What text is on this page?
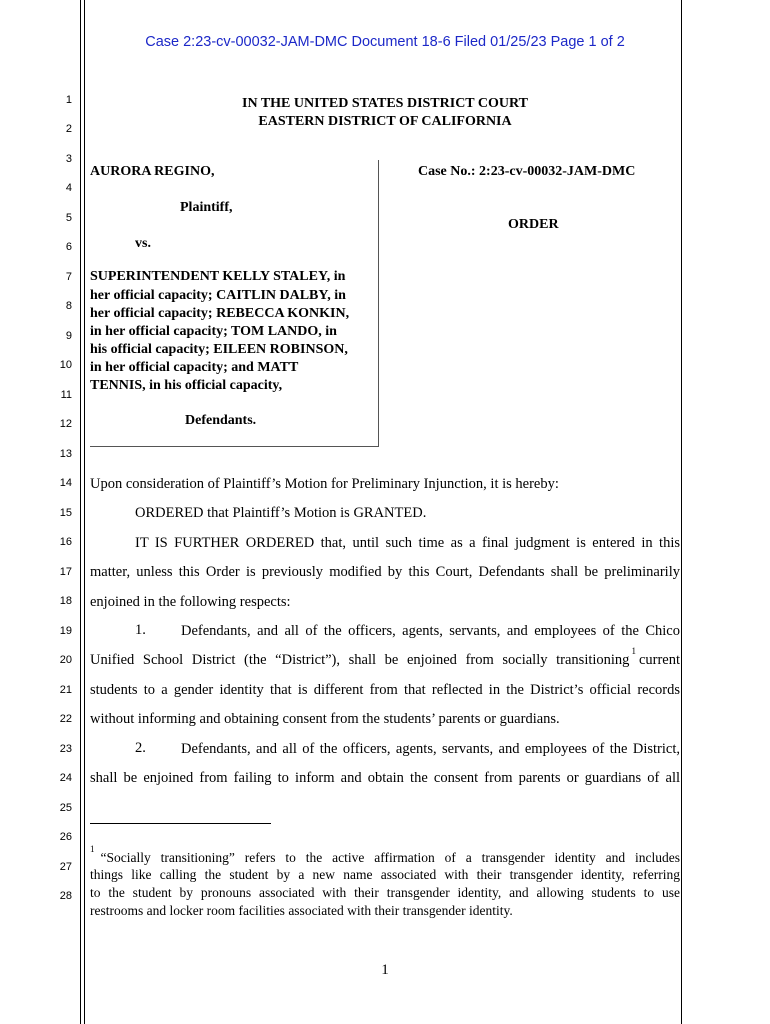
Case 2:23-cv-00032-JAM-DMC Document 18-6 Filed 01/25/23 Page 1 of 2
1
2
3
4
5
6
7
8
9
10
11
12
13
14
15
16
17
18
19
20
21
22
23
24
25
26
27
28
IN THE UNITED STATES DISTRICT COURT
EASTERN DISTRICT OF CALIFORNIA
AURORA REGINO,
Plaintiff,
vs.
SUPERINTENDENT KELLY STALEY, in
her official capacity; CAITLIN DALBY, in
her official capacity; REBECCA KONKIN,
in her official capacity; TOM LANDO, in
his official capacity; EILEEN ROBINSON,
in her official capacity; and MATT
TENNIS, in his official capacity,
Defendants.
Case No.: 2:23-cv-00032-JAM-DMC
ORDER
Upon consideration of Plaintiff’s Motion for Preliminary Injunction, it is hereby:
ORDERED that Plaintiff’s Motion is GRANTED.
IT IS FURTHER ORDERED that, until such time as a final judgment is entered in this
matter, unless this Order is previously modified by this Court, Defendants shall be preliminarily
enjoined in the following respects:
1. Defendants, and all of the officers, agents, servants, and employees of the Chico
Unified School District (the “District”), shall be enjoined from socially transitioning
1
current
students to a gender identity that is different from that reflected in the District’s official records
without informing and obtaining consent from the students’ parents or guardians.
2. Defendants, and all of the officers, agents, servants, and employees of the District,
shall be enjoined from failing to inform and obtain the consent from parents or guardians of all
1
“Socially transitioning” refers to the active affirmation of a transgender identity and includes
things like calling the student by a new name associated with their transgender identity, referring
to the student by pronouns associated with their transgender identity, and allowing students to use
restrooms and locker room facilities associated with their transgender identity.
1
